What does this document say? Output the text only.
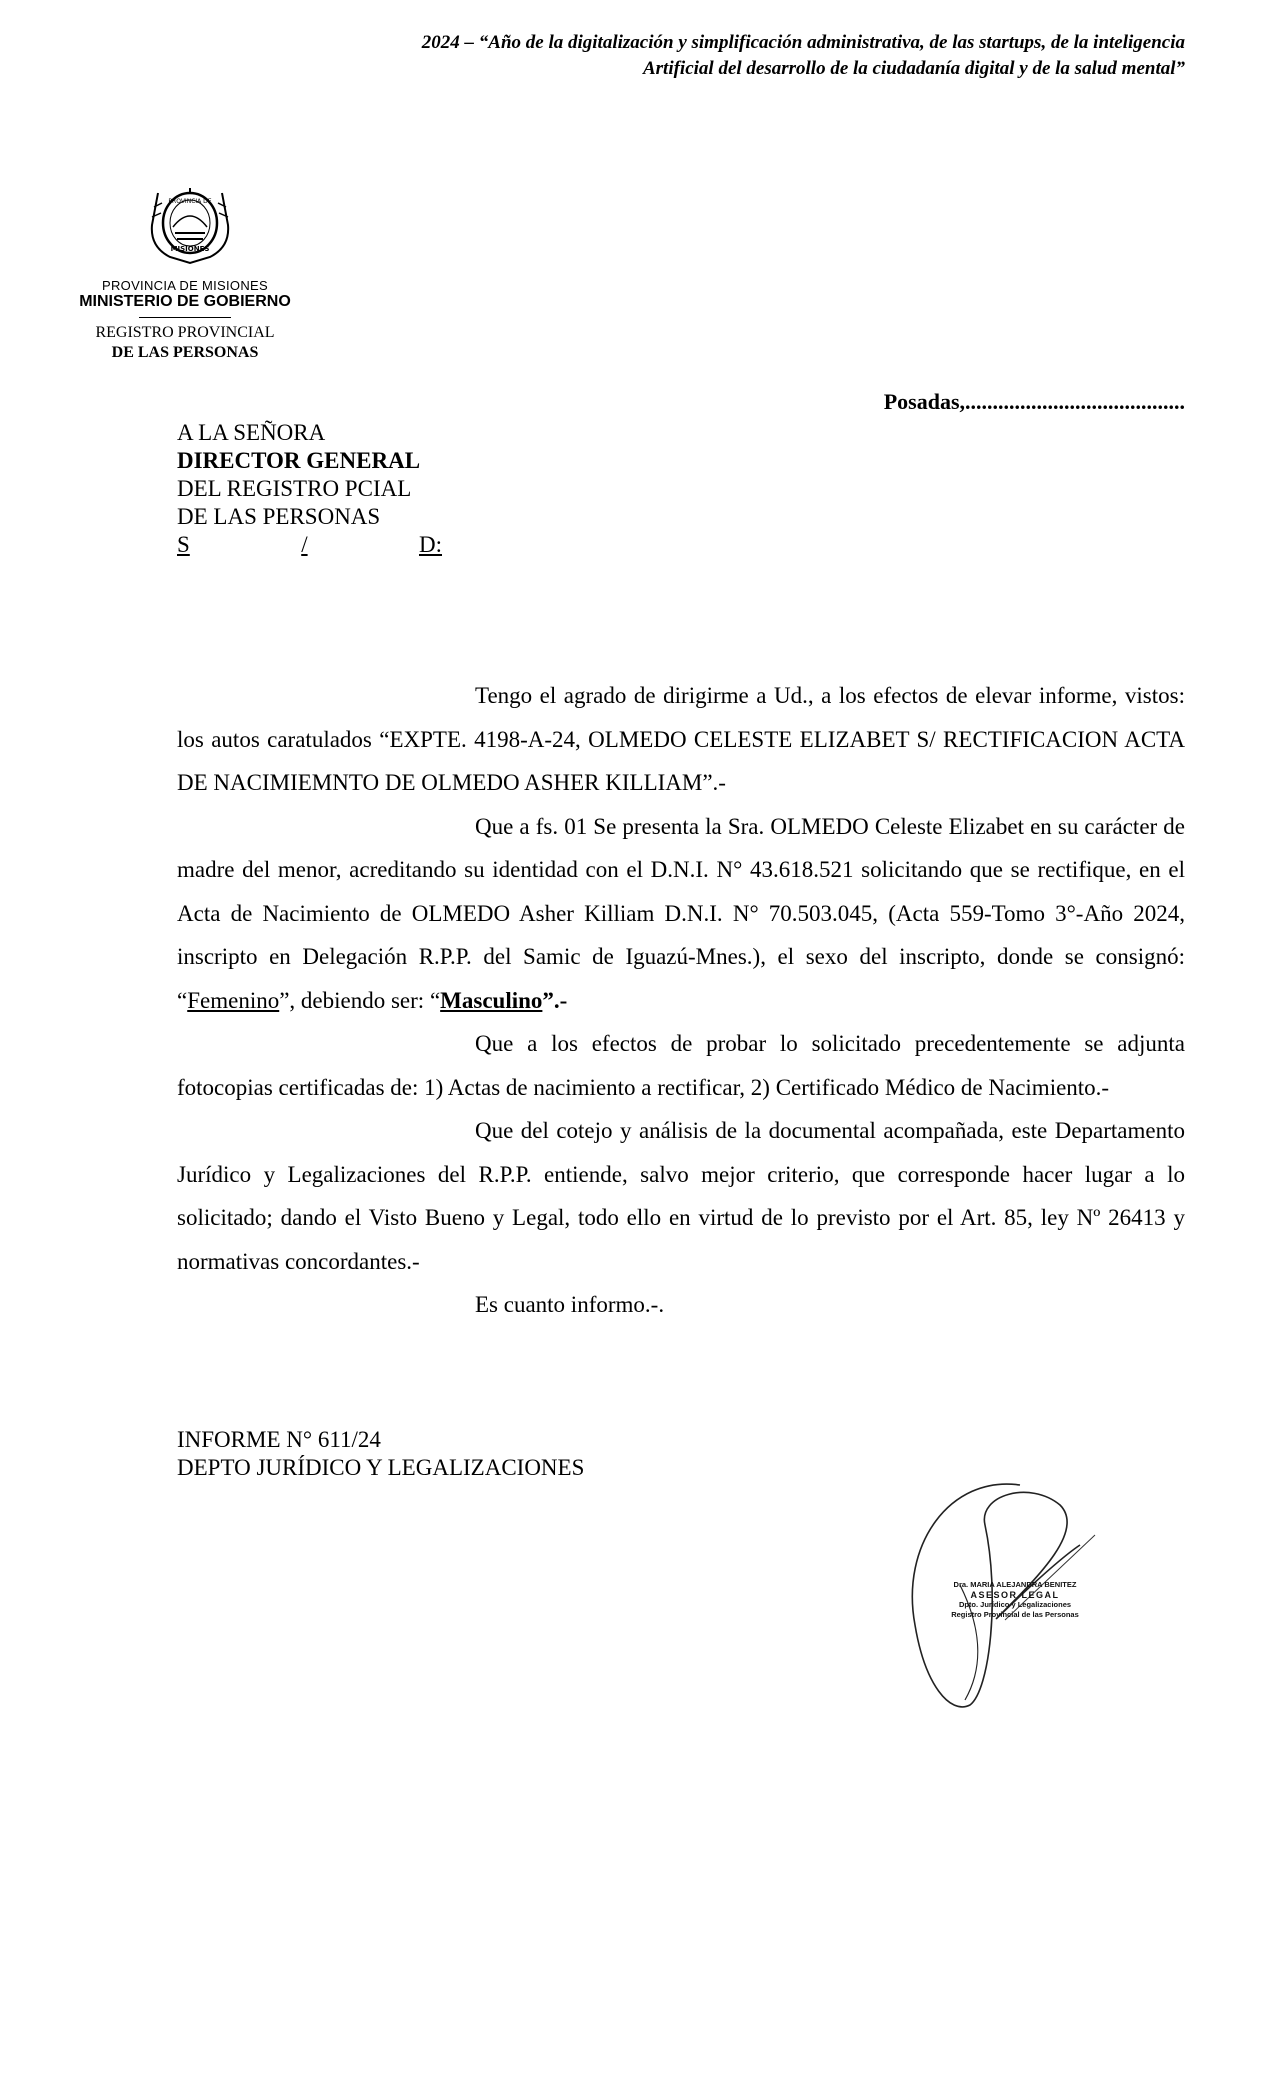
2024 – “Año de la digitalización y simplificación administrativa, de las startups, de la inteligencia
Artificial del desarrollo de la ciudadanía digital y de la salud mental”
PROVINCIA DE
MISIONES
PROVINCIA DE MISIONES
MINISTERIO DE GOBIERNO
REGISTRO PROVINCIAL
DE LAS PERSONAS
Posadas,........................................
A LA SEÑORA
DIRECTOR GENERAL
DEL REGISTRO PCIAL
DE LAS PERSONAS
S	/	D:

Tengo el agrado de dirigirme a Ud., a los efectos de elevar informe, vistos: los autos caratulados “EXPTE. 4198-A-24, OLMEDO CELESTE ELIZABET S/ RECTIFICACION ACTA DE NACIMIEMNTO DE OLMEDO ASHER KILLIAM”.-

Que a fs. 01 Se presenta la Sra. OLMEDO Celeste Elizabet en su carácter de madre del menor, acreditando su identidad con el D.N.I. N° 43.618.521 solicitando que se rectifique, en el Acta de Nacimiento de OLMEDO Asher Killiam D.N.I. N° 70.503.045, (Acta 559-Tomo 3°-Año 2024, inscripto en Delegación R.P.P. del Samic de Iguazú-Mnes.), el sexo del inscripto, donde se consignó: “Femenino”, debiendo ser: “Masculino”.-

Que a los efectos de probar lo solicitado precedentemente se adjunta fotocopias certificadas de: 1) Actas de nacimiento a rectificar, 2) Certificado Médico de Nacimiento.-

Que del cotejo y análisis de la documental acompañada, este Departamento Jurídico y Legalizaciones del R.P.P. entiende, salvo mejor criterio, que corresponde hacer lugar a lo solicitado; dando el Visto Bueno y Legal, todo ello en virtud de lo previsto por el Art. 85, ley Nº 26413 y normativas concordantes.-

Es cuanto informo.-.

INFORME N° 611/24
DEPTO JURÍDICO Y LEGALIZACIONES
Dra. MARIA ALEJANDRA BENITEZ
ASESOR LEGAL
Dpto. Jurídico y Legalizaciones
Registro Provincial de las Personas
